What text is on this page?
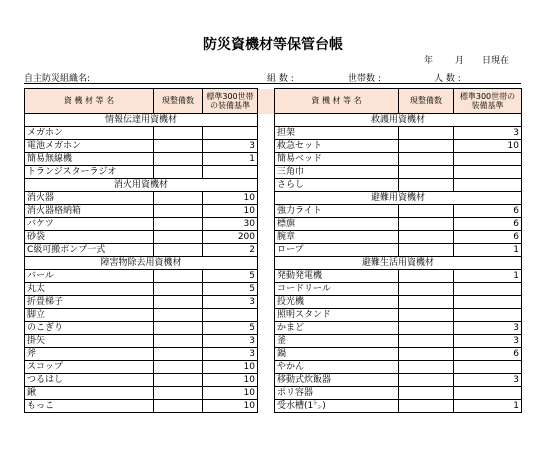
防災資機材等保管台帳
年 月 日現在
自主防災組織名:	組 数 :	世帯数 :	人 数 :
資 機 材 等 名	現整備数	標準300世帯の装備基準		資 機 材 等 名	現整備数	標準300世帯の装備基準
情報伝達用資機材				救護用資機材		
メガホン				担架		3
電池メガホン		3		救急セット		10
簡易無線機		1		簡易ベッド		
トランジスターラジオ				三角巾		
消火用資機材				さらし		
消火器		10		避難用資機材		
消火器格納箱		10		強力ライト		6
バケツ		30		標旗		6
砂袋		200		腕章		6
C級可搬ポンプ一式		2		ロープ		1
障害物除去用資機材				避難生活用資機材		
バール		5		発動発電機		1
丸太		5		コードリール		
折畳梯子		3		投光機		
脚立				照明スタンド		
のこぎり		5		かまど		3
掛矢		3		釜		3
斧		3		鍋		6
スコップ		10		やかん		
つるはし		10		移動式炊飯器		3
鍬		10		ポリ容器		
もっこ		10		受水槽(1㌧)		1
